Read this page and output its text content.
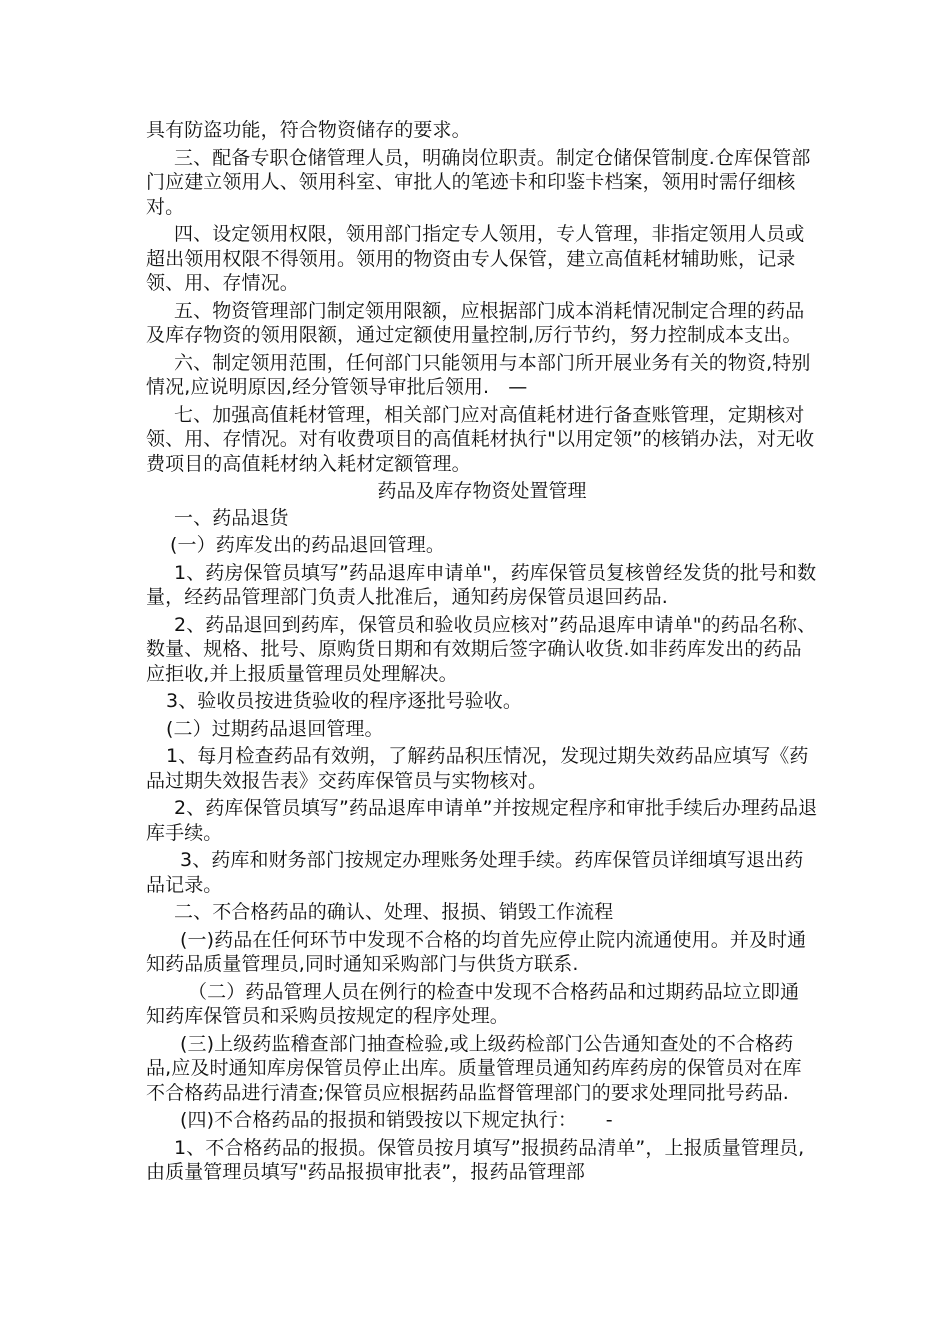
具有防盗功能，符合物资储存的要求。

三、配备专职仓储管理人员，明确岗位职责。制定仓储保管制度.仓库保管部门应建立领用人、领用科室、审批人的笔迹卡和印鉴卡档案，领用时需仔细核对。

四、设定领用权限，领用部门指定专人领用，专人管理，非指定领用人员或超出领用权限不得领用。领用的物资由专人保管，建立高值耗材辅助账，记录领、用、存情况。

五、物资管理部门制定领用限额，应根据部门成本消耗情况制定合理的药品及库存物资的领用限额，通过定额使用量控制,厉行节约，努力控制成本支出。

六、制定领用范围，任何部门只能领用与本部门所开展业务有关的物资,特别情况,应说明原因,经分管领导审批后领用.　—

七、加强高值耗材管理，相关部门应对高值耗材进行备查账管理，定期核对领、用、存情况。对有收费项目的高值耗材执行"以用定领”的核销办法，对无收费项目的高值耗材纳入耗材定额管理。

药品及库存物资处置管理

一、药品退货

(一）药库发出的药品退回管理。

1、药房保管员填写”药品退库申请单"，药库保管员复核曾经发货的批号和数量，经药品管理部门负责人批准后，通知药房保管员退回药品.

2、药品退回到药库，保管员和验收员应核对”药品退库申请单"的药品名称、数量、规格、批号、原购货日期和有效期后签字确认收货.如非药库发出的药品应拒收,并上报质量管理员处理解决。

3、验收员按进货验收的程序逐批号验收。

(二）过期药品退回管理。

1、每月检查药品有效朔，了解药品积压情况，发现过期失效药品应填写《药品过期失效报告表》交药库保管员与实物核对。

2、药库保管员填写”药品退库申请单”并按规定程序和审批手续后办理药品退库手续。

3、药库和财务部门按规定办理账务处理手续。药库保管员详细填写退出药品记录。

二、不合格药品的确认、处理、报损、销毁工作流程

(一)药品在任何环节中发现不合格的均首先应停止院内流通使用。并及时通知药品质量管理员,同时通知采购部门与供货方联系.

（二）药品管理人员在例行的检查中发现不合格药品和过期药品垃立即通知药库保管员和采购员按规定的程序处理。

(三)上级药监稽查部门抽查检验,或上级药检部门公告通知查处的不合格药品,应及时通知库房保管员停止出库。质量管理员通知药库药房的保管员对在库不合格药品进行清查;保管员应根据药品监督管理部门的要求处理同批号药品.

(四)不合格药品的报损和销毁按以下规定执行：　　-

1、不合格药品的报损。保管员按月填写”报损药品清单”，上报质量管理员,由质量管理员填写"药品报损审批表”，报药品管理部
